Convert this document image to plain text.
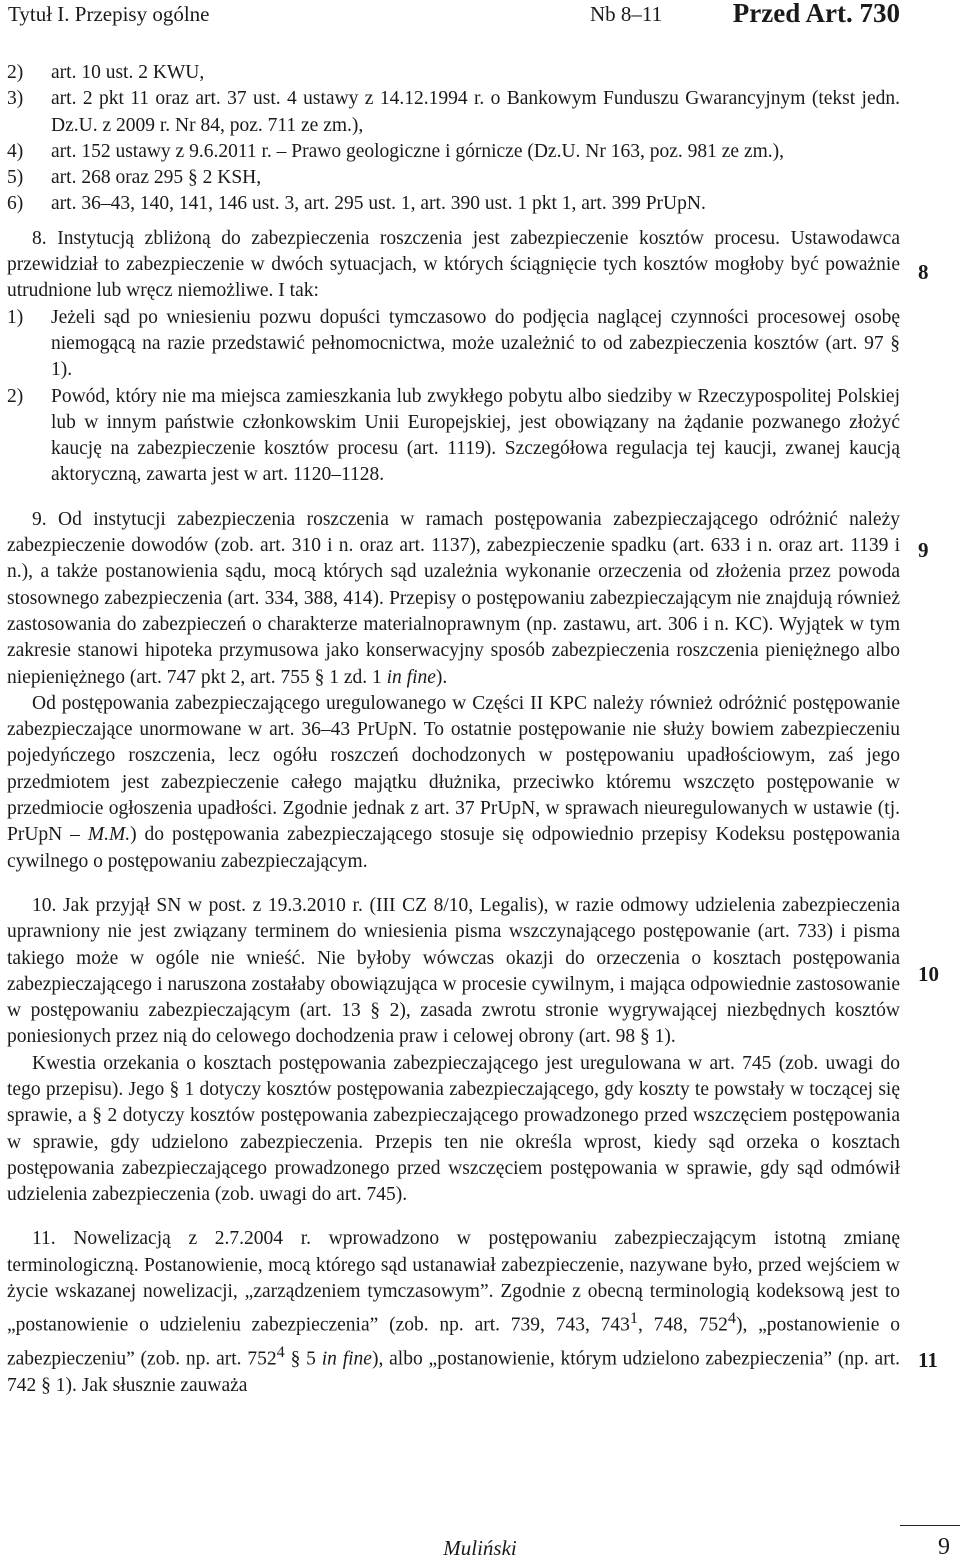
Tytuł I. Przepisy ogólne	Nb 8–11	Przed Art. 730
2)	art. 10 ust. 2 KWU,
3)	art. 2 pkt 11 oraz art. 37 ust. 4 ustawy z 14.12.1994 r. o Bankowym Funduszu Gwarancyjnym (tekst jedn. Dz.U. z 2009 r. Nr 84, poz. 711 ze zm.),
4)	art. 152 ustawy z 9.6.2011 r. – Prawo geologiczne i górnicze (Dz.U. Nr 163, poz. 981 ze zm.),
5)	art. 268 oraz 295 § 2 KSH,
6)	art. 36–43, 140, 141, 146 ust. 3, art. 295 ust. 1, art. 390 ust. 1 pkt 1, art. 399 PrUpN.

8. Instytucją zbliżoną do zabezpieczenia roszczenia jest zabezpieczenie kosztów procesu. Ustawodawca przewidział to zabezpieczenie w dwóch sytuacjach, w których ściągnięcie tych kosztów mogłoby być poważnie utrudnione lub wręcz niemożliwe. I tak:

1)	Jeżeli sąd po wniesieniu pozwu dopuści tymczasowo do podjęcia naglącej czynności procesowej osobę niemogącą na razie przedstawić pełnomocnictwa, może uzależnić to od zabezpieczenia kosztów (art. 97 § 1).
2)	Powód, który nie ma miejsca zamieszkania lub zwykłego pobytu albo siedziby w Rzeczypospolitej Polskiej lub w innym państwie członkowskim Unii Europejskiej, jest obowiązany na żądanie pozwanego złożyć kaucję na zabezpieczenie kosztów procesu (art. 1119). Szczegółowa regulacja tej kaucji, zwanej kaucją aktoryczną, zawarta jest w art. 1120–1128.

9. Od instytucji zabezpieczenia roszczenia w ramach postępowania zabezpieczającego odróżnić należy zabezpieczenie dowodów (zob. art. 310 i n. oraz art. 1137), zabezpieczenie spadku (art. 633 i n. oraz art. 1139 i n.), a także postanowienia sądu, mocą których sąd uzależnia wykonanie orzeczenia od złożenia przez powoda stosownego zabezpieczenia (art. 334, 388, 414). Przepisy o postępowaniu zabezpieczającym nie znajdują również zastosowania do zabezpieczeń o charakterze materialnoprawnym (np. zastawu, art. 306 i n. KC). Wyjątek w tym zakresie stanowi hipoteka przymusowa jako konserwacyjny sposób zabezpieczenia roszczenia pieniężnego albo niepieniężnego (art. 747 pkt 2, art. 755 § 1 zd. 1 in fine).

Od postępowania zabezpieczającego uregulowanego w Części II KPC należy również odróżnić postępowanie zabezpieczające unormowane w art. 36–43 PrUpN. To ostatnie postępowanie nie służy bowiem zabezpieczeniu pojedyńczego roszczenia, lecz ogółu roszczeń dochodzonych w postępowaniu upadłościowym, zaś jego przedmiotem jest zabezpieczenie całego majątku dłużnika, przeciwko któremu wszczęto postępowanie w przedmiocie ogłoszenia upadłości. Zgodnie jednak z art. 37 PrUpN, w sprawach nieuregulowanych w ustawie (tj. PrUpN – M.M.) do postępowania zabezpieczającego stosuje się odpowiednio przepisy Kodeksu postępowania cywilnego o postępowaniu zabezpieczającym.

10. Jak przyjął SN w post. z 19.3.2010 r. (III CZ 8/10, Legalis), w razie odmowy udzielenia zabezpieczenia uprawniony nie jest związany terminem do wniesienia pisma wszczynającego postępowanie (art. 733) i pisma takiego może w ogóle nie wnieść. Nie byłoby wówczas okazji do orzeczenia o kosztach postępowania zabezpieczającego i naruszona zostałaby obowiązująca w procesie cywilnym, i mająca odpowiednie zastosowanie w postępowaniu zabezpieczającym (art. 13 § 2), zasada zwrotu stronie wygrywającej niezbędnych kosztów poniesionych przez nią do celowego dochodzenia praw i celowej obrony (art. 98 § 1).

Kwestia orzekania o kosztach postępowania zabezpieczającego jest uregulowana w art. 745 (zob. uwagi do tego przepisu). Jego § 1 dotyczy kosztów postępowania zabezpieczającego, gdy koszty te powstały w toczącej się sprawie, a § 2 dotyczy kosztów postępowania zabezpieczającego prowadzonego przed wszczęciem postępowania w sprawie, gdy udzielono zabezpieczenia. Przepis ten nie określa wprost, kiedy sąd orzeka o kosztach postępowania zabezpieczającego prowadzonego przed wszczęciem postępowania w sprawie, gdy sąd odmówił udzielenia zabezpieczenia (zob. uwagi do art. 745).

11. Nowelizacją z 2.7.2004 r. wprowadzono w postępowaniu zabezpieczającym istotną zmianę terminologiczną. Postanowienie, mocą którego sąd ustanawiał zabezpieczenie, nazywane było, przed wejściem w życie wskazanej nowelizacji, „zarządzeniem tymczasowym”. Zgodnie z obecną terminologią kodeksową jest to „postanowienie o udzieleniu zabezpieczenia” (zob. np. art. 739, 743, $743^1$, 748, $752^4$), „postanowienie o zabezpieczeniu” (zob. np. art. $752^4$ § 5 in fine), albo „postanowienie, którym udzielono zabezpieczenia” (np. art. 742 § 1). Jak słusznie zauważa

8
9
10
11
Muliński	9
